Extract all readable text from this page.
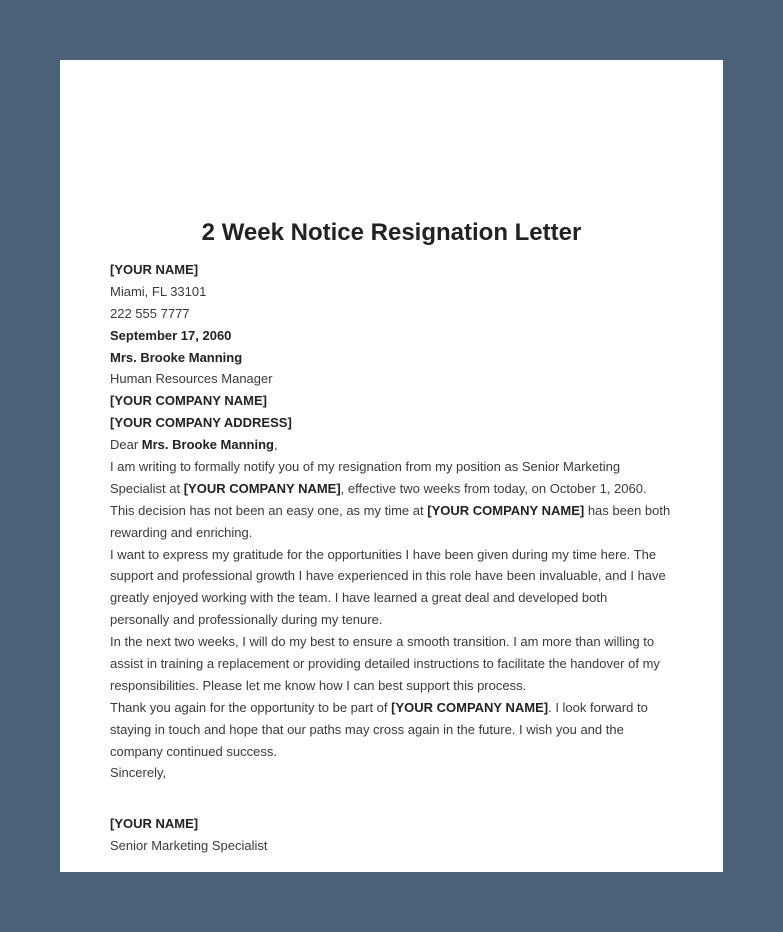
2 Week Notice Resignation Letter
[YOUR NAME]
Miami, FL 33101
222 555 7777
September 17, 2060
Mrs. Brooke Manning
Human Resources Manager
[YOUR COMPANY NAME]
[YOUR COMPANY ADDRESS]
Dear Mrs. Brooke Manning,
I am writing to formally notify you of my resignation from my position as Senior Marketing
Specialist at [YOUR COMPANY NAME], effective two weeks from today, on October 1, 2060.
This decision has not been an easy one, as my time at [YOUR COMPANY NAME] has been both
rewarding and enriching.
I want to express my gratitude for the opportunities I have been given during my time here. The
support and professional growth I have experienced in this role have been invaluable, and I have
greatly enjoyed working with the team. I have learned a great deal and developed both
personally and professionally during my tenure.
In the next two weeks, I will do my best to ensure a smooth transition. I am more than willing to
assist in training a replacement or providing detailed instructions to facilitate the handover of my
responsibilities. Please let me know how I can best support this process.
Thank you again for the opportunity to be part of [YOUR COMPANY NAME]. I look forward to
staying in touch and hope that our paths may cross again in the future. I wish you and the
company continued success.
Sincerely,
[YOUR NAME]
Senior Marketing Specialist
